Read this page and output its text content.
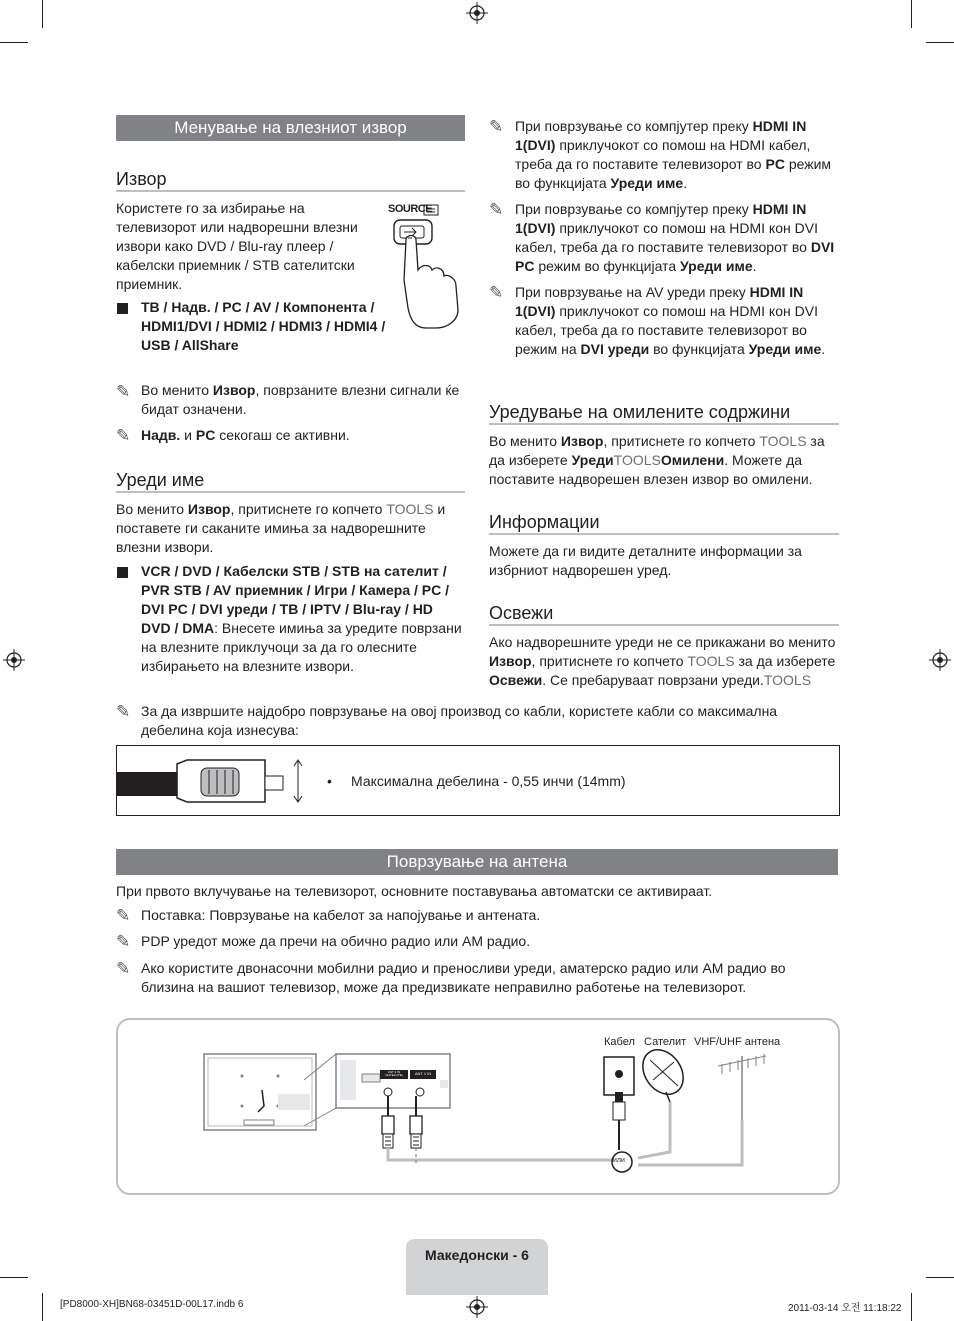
Менување на влезниот извор
Извор
Користете го за избирање на телевизорот или надворешни влезни извори како DVD / Blu-ray плеер / кабелски приемник / STB сателитски приемник.
SOURCE
ТВ / Надв. / PC / AV / Компонента / HDMI1/DVI / HDMI2 / HDMI3 / HDMI4 / USB / AllShare
✎ Во менито Извор, поврзаните влезни сигнали ќе бидат означени.
✎ Надв. и PC секогаш се активни.
Уреди име
Во менито Извор, притиснете го копчето TOOLS и поставете ги саканите имиња за надворешните влезни извори.
VCR / DVD / Кабелски STB / STB на сателит / PVR STB / AV приемник / Игри / Камера / PC / DVI PC / DVI уреди / TB / IPTV / Blu-ray / HD DVD / DMA: Внесете имиња за уредите поврзани на влезните приклучоци за да го олесните избирањето на влезните извори.
✎ При поврзување со компјутер преку HDMI IN 1(DVI) приклучокот со помош на HDMI кабел, треба да го поставите телевизорот во PC режим во функцијата Уреди име.
✎ При поврзување со компјутер преку HDMI IN 1(DVI) приклучокот со помош на HDMI кон DVI кабел, треба да го поставите телевизорот во DVI PC режим во функцијата Уреди име.
✎ При поврзување на AV уреди преку HDMI IN 1(DVI) приклучокот со помош на HDMI кон DVI кабел, треба да го поставите телевизорот во режим на DVI уреди во функцијата Уреди име.
Уредување на омилените содржини
Во менито Извор, притиснете го копчето TOOLS за да изберете УредиTOOLSОмилени. Можете да поставите надворешен влезен извор во омилени.
Информации
Можете да ги видите деталните информации за избрниот надворешен уред.
Освежи
Ако надворешните уреди не се прикажани во менито Извор, притиснете го копчето TOOLS за да изберете Освежи. Се пребаруваат поврзани уреди.TOOLS
✎ За да извршите најдобро поврзување на овој производ со кабли, користете кабли со максимална дебелина која изнесува:
• Максимална дебелина - 0,55 инчи (14mm)
Поврзување на антена
При првото вклучување на телевизорот, основните поставувања автоматски се активираат.
✎ Поставка: Поврзување на кабелот за напојување и антената.
✎ PDP уредот може да пречи на обично радио или AM радио.
✎ Ако користите двонасочни мобилни радио и преносливи уреди, аматерско радио или AM радио во близина на вашиот телевизор, може да предизвикате неправилно работење на телевизорот.
Кабел Сателит VHF/UHF антена
или
ANT 2 IN (SATELLITE)	ANT 1 IN
Македонски - 6
[PD8000-XH]BN68-03451D-00L17.indb 6	2011-03-14 오전 11:18:22
